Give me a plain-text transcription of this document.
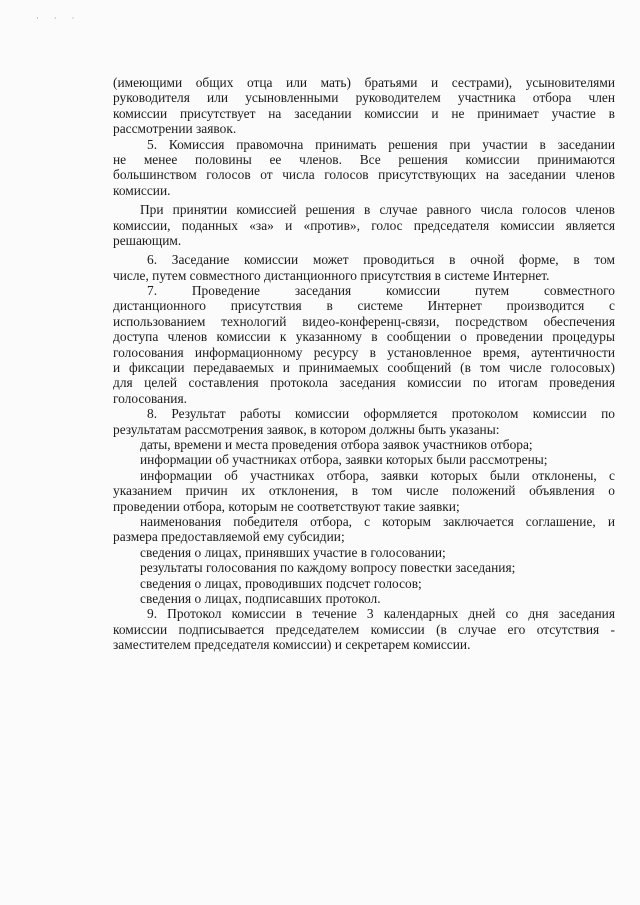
· · ·
(имеющими общих отца или мать) братьями и сестрами), усыновителями
руководителя или усыновленными руководителем участника отбора член
комиссии присутствует на заседании комиссии и не принимает участие в
рассмотрении заявок.
5. Комиссия правомочна принимать решения при участии в заседании
не менее половины ее членов. Все решения комиссии принимаются
большинством голосов от числа голосов присутствующих на заседании членов
комиссии.
При принятии комиссией решения в случае равного числа голосов членов
комиссии, поданных «за» и «против», голос председателя комиссии является
решающим.
6. Заседание комиссии может проводиться в очной форме, в том
числе, путем совместного дистанционного присутствия в системе Интернет.
7. Проведение заседания комиссии путем совместного
дистанционного присутствия в системе Интернет производится с
использованием технологий видео-конференц-связи, посредством обеспечения
доступа членов комиссии к указанному в сообщении о проведении процедуры
голосования информационному ресурсу в установленное время, аутентичности
и фиксации передаваемых и принимаемых сообщений (в том числе голосовых)
для целей составления протокола заседания комиссии по итогам проведения
голосования.
8. Результат работы комиссии оформляется протоколом комиссии по
результатам рассмотрения заявок, в котором должны быть указаны:
даты, времени и места проведения отбора заявок участников отбора;
информации об участниках отбора, заявки которых были рассмотрены;
информации об участниках отбора, заявки которых были отклонены, с
указанием причин их отклонения, в том числе положений объявления о
проведении отбора, которым не соответствуют такие заявки;
наименования победителя отбора, с которым заключается соглашение, и
размера предоставляемой ему субсидии;
сведения о лицах, принявших участие в голосовании;
результаты голосования по каждому вопросу повестки заседания;
сведения о лицах, проводивших подсчет голосов;
сведения о лицах, подписавших протокол.
9. Протокол комиссии в течение 3 календарных дней со дня заседания
комиссии подписывается председателем комиссии (в случае его отсутствия -
заместителем председателя комиссии) и секретарем комиссии.
